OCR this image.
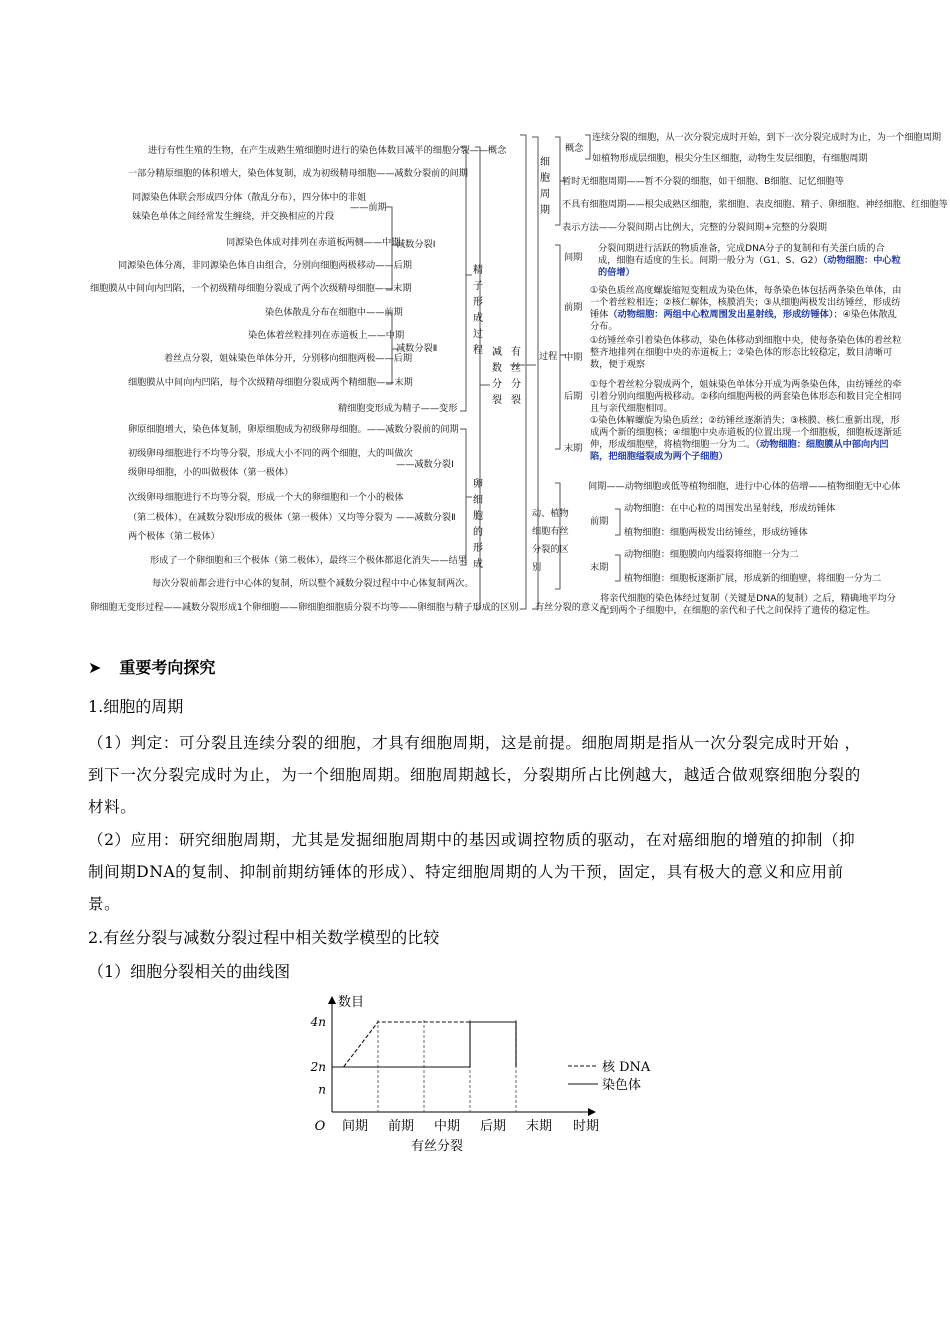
进行有性生殖的生物，在产生成熟生殖细胞时进行的染色体数目减半的细胞分裂——概念
一部分精原细胞的体积增大，染色体复制，成为初级精母细胞——减数分裂前的间期
同源染色体联会形成四分体（散乱分布），四分体中的非姐
妹染色单体之间经常发生缠绕，并交换相应的片段
——前期
同源染色体成对排列在赤道板两侧——中期
减数分裂Ⅰ
同源染色体分离，非同源染色体自由组合，分别向细胞两极移动——后期
细胞膜从中间向内凹陷，一个初级精母细胞分裂成了两个次级精母细胞——末期
染色体散乱分布在细胞中——前期
染色体着丝粒排列在赤道板上——中期
减数分裂Ⅱ
着丝点分裂，姐妹染色单体分开，分别移向细胞两极——后期
细胞膜从中间向内凹陷，每个次级精母细胞分裂成两个精细胞——末期
精细胞变形成为精子——变形
精子形成过程
卵原细胞增大，染色体复制，卵原细胞成为初级卵母细胞。——减数分裂前的间期
初级卵母细胞进行不均等分裂，形成大小不同的两个细胞，大的叫做次
级卵母细胞，小的叫做极体（第一极体）
——减数分裂Ⅰ
次级卵母细胞进行不均等分裂，形成一个大的卵细胞和一个小的极体
（第二极体），在减数分裂Ⅰ形成的极体（第一极体）又均等分裂为
两个极体（第二极体）
——减数分裂Ⅱ
形成了一个卵细胞和三个极体（第二极体），最终三个极体都退化消失——结果
卵细胞的形成
每次分裂前都会进行中心体的复制，所以整个减数分裂过程中中心体复制两次。
卵细胞无变形过程——减数分裂形成1个卵细胞——卵细胞细胞质分裂不均等——卵细胞与精子形成的区别
减数分裂
有丝分裂
细胞周期
概念
连续分裂的细胞，从一次分裂完成时开始，到下一次分裂完成时为止，为一个细胞周期
如植物形成层细胞，根尖分生区细胞，动物生发层细胞，有细胞周期
暂时无细胞周期——暂不分裂的细胞，如干细胞、B细胞、记忆细胞等
不具有细胞周期——根尖成熟区细胞，浆细胞、表皮细胞、精子、卵细胞、神经细胞、红细胞等
表示方法——分裂间期占比例大，完整的分裂间期+完整的分裂期
过程
间期
分裂间期进行活跃的物质准备，完成DNA分子的复制和有关蛋白质的合成，细胞有适度的生长。间期一般分为（G1、S、G2）（动物细胞：中心粒的倍增）
前期
①染色质丝高度螺旋缩短变粗成为染色体，每条染色体包括两条染色单体，由一个着丝粒相连；②核仁解体，核膜消失；③从细胞两极发出纺锤丝，形成纺锤体（动物细胞：两组中心粒周围发出星射线，形成纺锤体）；④染色体散乱分布。
中期
①纺锤丝牵引着染色体移动，染色体移动到细胞中央，使每条染色体的着丝粒整齐地排列在细胞中央的赤道板上；②染色体的形态比较稳定，数目清晰可数，便于观察
后期
①每个着丝粒分裂成两个，姐妹染色单体分开成为两条染色体，由纺锤丝的牵引着分别向细胞两极移动。②移向细胞两极的两套染色体形态和数目完全相同且与亲代细胞相同。
末期
①染色体解螺旋为染色质丝；②纺锤丝逐渐消失；③核膜、核仁重新出现，形成两个新的细胞核；④细胞中央赤道板的位置出现一个细胞板，细胞板逐渐延伸，形成细胞壁，将植物细胞一分为二。（动物细胞：细胞膜从中部向内凹陷，把细胞缢裂成为两个子细胞）
动、植物细胞有丝分裂的区别
间期——动物细胞或低等植物细胞，进行中心体的倍增——植物细胞无中心体
前期
动物细胞：在中心粒的周围发出星射线，形成纺锤体
植物细胞：细胞两极发出纺锤丝，形成纺锤体
末期
动物细胞：细胞膜向内缢裂将细胞一分为二
植物细胞：细胞板逐渐扩展，形成新的细胞壁，将细胞一分为二
有丝分裂的意义
将亲代细胞的染色体经过复制（关键是DNA的复制）之后，精确地平均分配到两个子细胞中，在细胞的亲代和子代之间保持了遗传的稳定性。
➤ 重要考向探究
1.细胞的周期
（1）判定：可分裂且连续分裂的细胞，才具有细胞周期，这是前提。细胞周期是指从一次分裂完成时开始 ，到下一次分裂完成时为止，为一个细胞周期。细胞周期越长，分裂期所占比例越大，越适合做观察细胞分裂的材料。
（2）应用：研究细胞周期，尤其是发掘细胞周期中的基因或调控物质的驱动，在对癌细胞的增殖的抑制（抑制间期DNA的复制、抑制前期纺锤体的形成）、特定细胞周期的人为干预，固定，具有极大的意义和应用前景。
2.有丝分裂与减数分裂过程中相关数学模型的比较
（1）细胞分裂相关的曲线图
数目
O
n
2n
4n
间期 前期 中期 后期 末期 时期
有丝分裂
核 DNA
染色体
